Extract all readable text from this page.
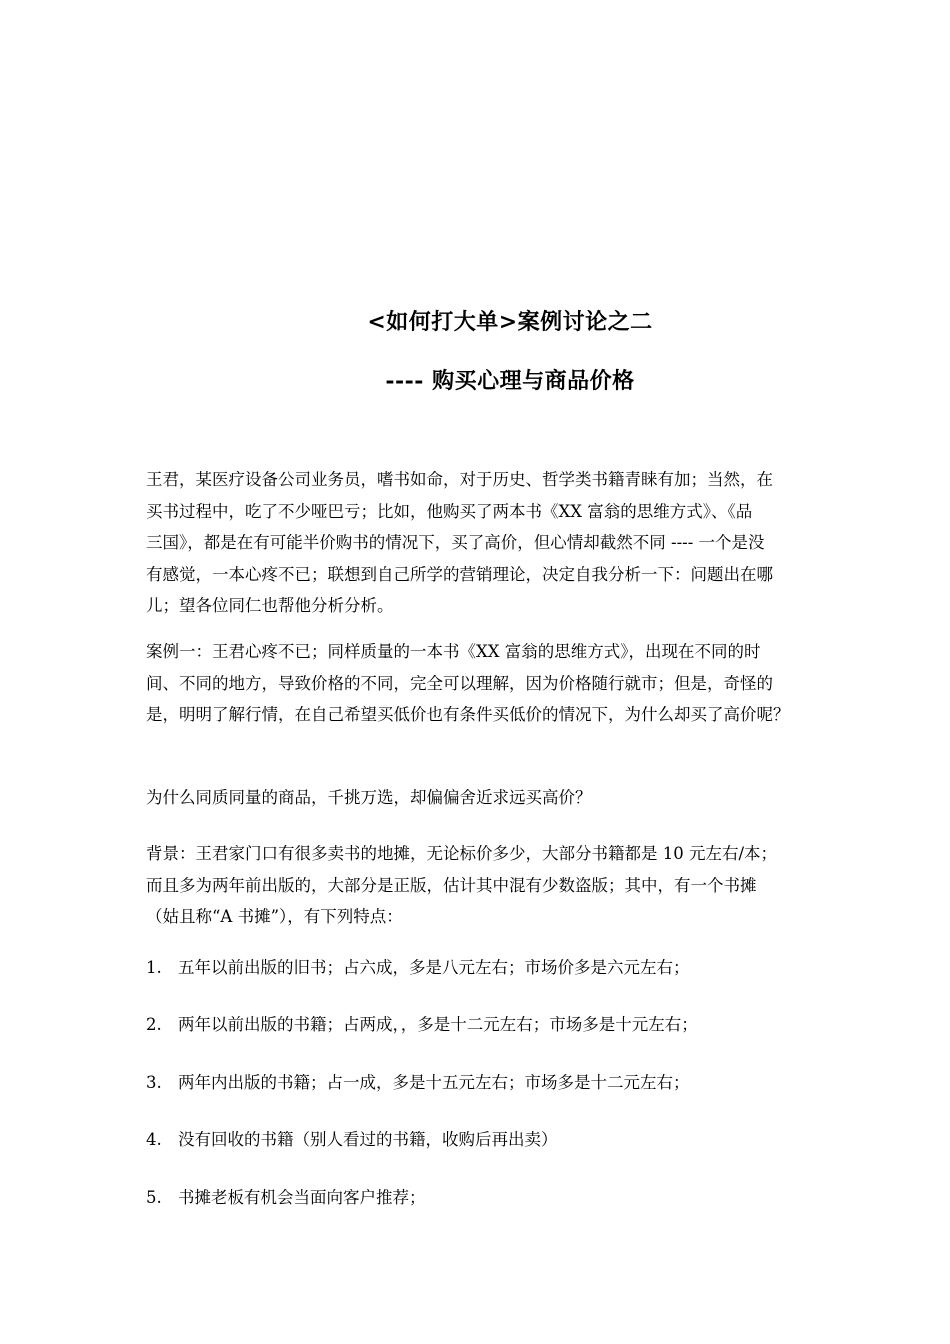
<如何打大单>案例讨论之二
---- 购买心理与商品价格
王君，某医疗设备公司业务员，嗜书如命，对于历史、哲学类书籍青睐有加；当然，在
买书过程中，吃了不少哑巴亏；比如，他购买了两本书《XX 富翁的思维方式》、《品
三国》，都是在有可能半价购书的情况下，买了高价，但心情却截然不同 ---- 一个是没
有感觉，一本心疼不已；联想到自己所学的营销理论，决定自我分析一下：问题出在哪
儿；望各位同仁也帮他分析分析。
案例一：王君心疼不已；同样质量的一本书《XX 富翁的思维方式》，出现在不同的时
间、不同的地方，导致价格的不同，完全可以理解，因为价格随行就市；但是，奇怪的
是，明明了解行情，在自己希望买低价也有条件买低价的情况下，为什么却买了高价呢？
为什么同质同量的商品，千挑万选，却偏偏舍近求远买高价？
背景：王君家门口有很多卖书的地摊，无论标价多少，大部分书籍都是 10 元左右/本；
而且多为两年前出版的，大部分是正版，估计其中混有少数盗版；其中，有一个书摊
（姑且称“A 书摊”），有下列特点：
1. 五年以前出版的旧书；占六成，多是八元左右；市场价多是六元左右；
2. 两年以前出版的书籍；占两成，，多是十二元左右；市场多是十元左右；
3. 两年内出版的书籍；占一成，多是十五元左右；市场多是十二元左右；
4. 没有回收的书籍（别人看过的书籍，收购后再出卖）
5. 书摊老板有机会当面向客户推荐；
